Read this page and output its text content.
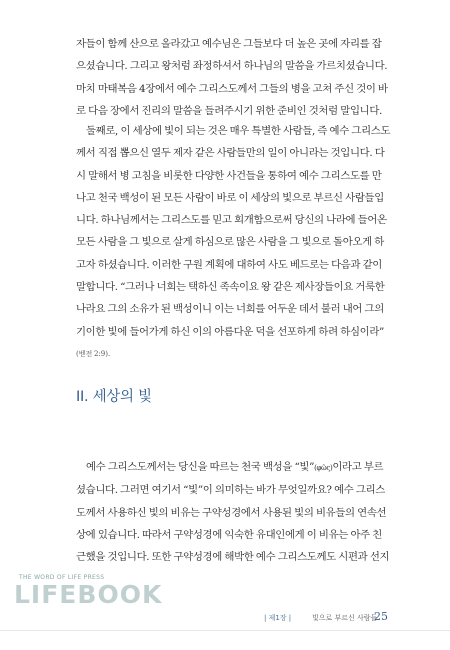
자들이 함께 산으로 올라갔고 예수님은 그들보다 더 높은 곳에 자리를 잡
으셨습니다. 그리고 왕처럼 좌정하셔서 하나님의 말씀을 가르치셨습니다.
마치 마태복음 4장에서 예수 그리스도께서 그들의 병을 고쳐 주신 것이 바
로 다음 장에서 진리의 말씀을 들려주시기 위한 준비인 것처럼 말입니다.

둘째로, 이 세상에 빛이 되는 것은 매우 특별한 사람들, 즉 예수 그리스도
께서 직접 뽑으신 열두 제자 같은 사람들만의 일이 아니라는 것입니다. 다
시 말해서 병 고침을 비롯한 다양한 사건들을 통하여 예수 그리스도를 만
나고 천국 백성이 된 모든 사람이 바로 이 세상의 빛으로 부르신 사람들입
니다. 하나님께서는 그리스도를 믿고 회개함으로써 당신의 나라에 들어온
모든 사람을 그 빛으로 살게 하심으로 많은 사람을 그 빛으로 돌아오게 하
고자 하셨습니다. 이러한 구원 계획에 대하여 사도 베드로는 다음과 같이
말합니다. “그러나 너희는 택하신 족속이요 왕 같은 제사장들이요 거룩한
나라요 그의 소유가 된 백성이니 이는 너희를 어두운 데서 불러 내어 그의
기이한 빛에 들어가게 하신 이의 아름다운 덕을 선포하게 하려 하심이라”
(벧전 2:9).

II. 세상의 빛

예수 그리스도께서는 당신을 따르는 천국 백성을 “빛”(φῶς)이라고 부르
셨습니다. 그러면 여기서 “빛”이 의미하는 바가 무엇일까요? 예수 그리스
도께서 사용하신 빛의 비유는 구약성경에서 사용된 빛의 비유들의 연속선
상에 있습니다. 따라서 구약성경에 익숙한 유대인에게 이 비유는 아주 친
근했을 것입니다. 또한 구약성경에 해박한 예수 그리스도께도 시편과 선지

THE WORD OF LIFE PRESS
LIFEBOOK
| 제1장 |	빛으로 부르신 사람들
25
